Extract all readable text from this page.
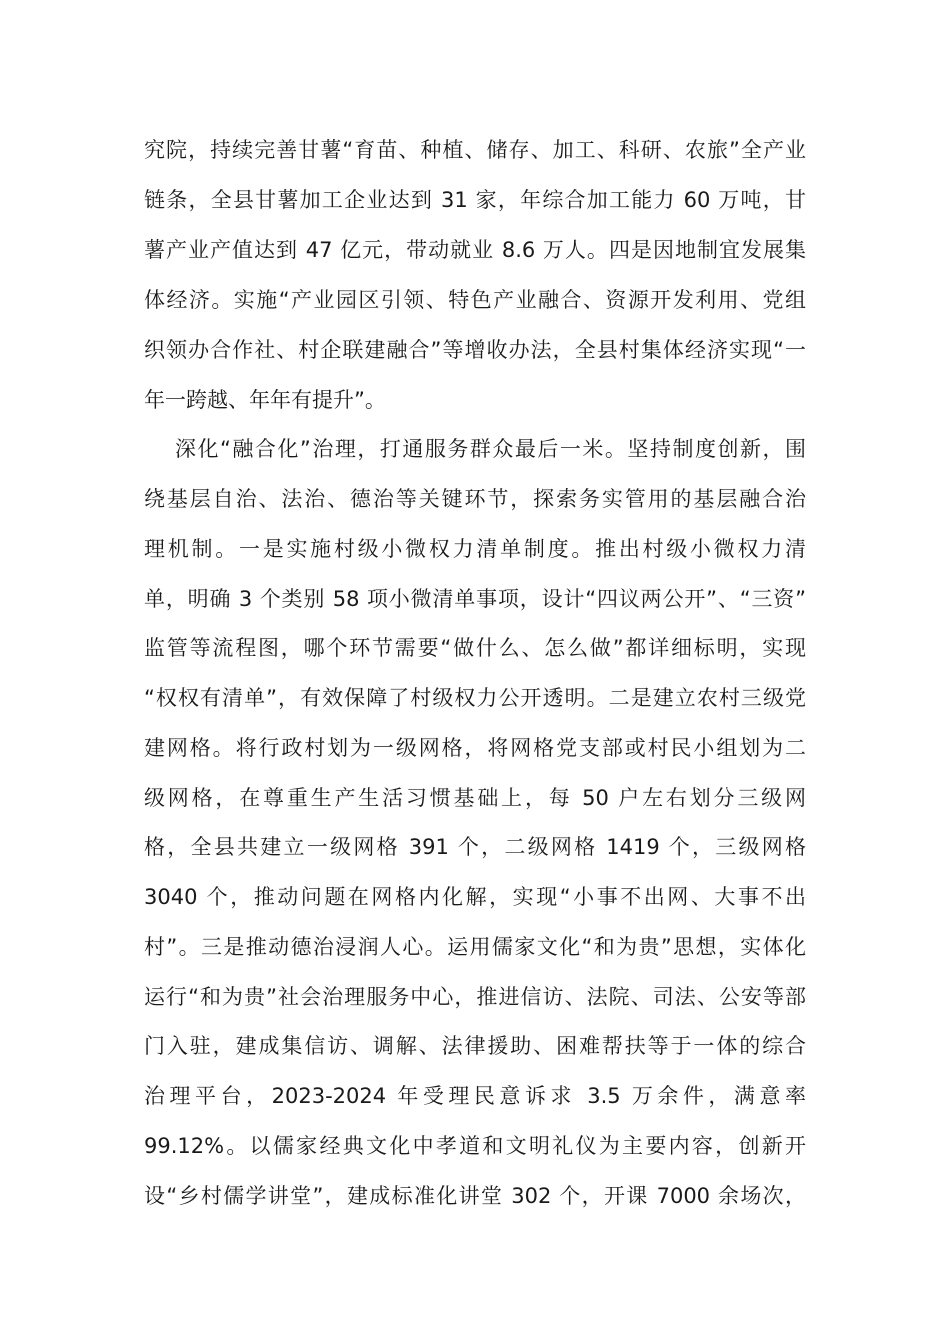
究院，持续完善甘薯“育苗、种植、储存、加工、科研、农旅”全产业
链条，全县甘薯加工企业达到 31 家，年综合加工能力 60 万吨，甘
薯产业产值达到 47 亿元，带动就业 8.6 万人。四是因地制宜发展集
体经济。实施“产业园区引领、特色产业融合、资源开发利用、党组
织领办合作社、村企联建融合”等增收办法，全县村集体经济实现“一
年一跨越、年年有提升”。
深化“融合化”治理，打通服务群众最后一米。坚持制度创新，围
绕基层自治、法治、德治等关键环节，探索务实管用的基层融合治
理机制。一是实施村级小微权力清单制度。推出村级小微权力清
单，明确 3 个类别 58 项小微清单事项，设计“四议两公开”、“三资”
监管等流程图，哪个环节需要“做什么、怎么做”都详细标明，实现
“权权有清单”，有效保障了村级权力公开透明。二是建立农村三级党
建网格。将行政村划为一级网格，将网格党支部或村民小组划为二
级网格，在尊重生产生活习惯基础上，每 50 户左右划分三级网
格，全县共建立一级网格 391 个，二级网格 1419 个，三级网格
3040 个，推动问题在网格内化解，实现“小事不出网、大事不出
村”。三是推动德治浸润人心。运用儒家文化“和为贵”思想，实体化
运行“和为贵”社会治理服务中心，推进信访、法院、司法、公安等部
门入驻，建成集信访、调解、法律援助、困难帮扶等于一体的综合
治理平台，2023-2024 年受理民意诉求 3.5 万余件，满意率
99.12%。以儒家经典文化中孝道和文明礼仪为主要内容，创新开
设“乡村儒学讲堂”，建成标准化讲堂 302 个，开课 7000 余场次，
